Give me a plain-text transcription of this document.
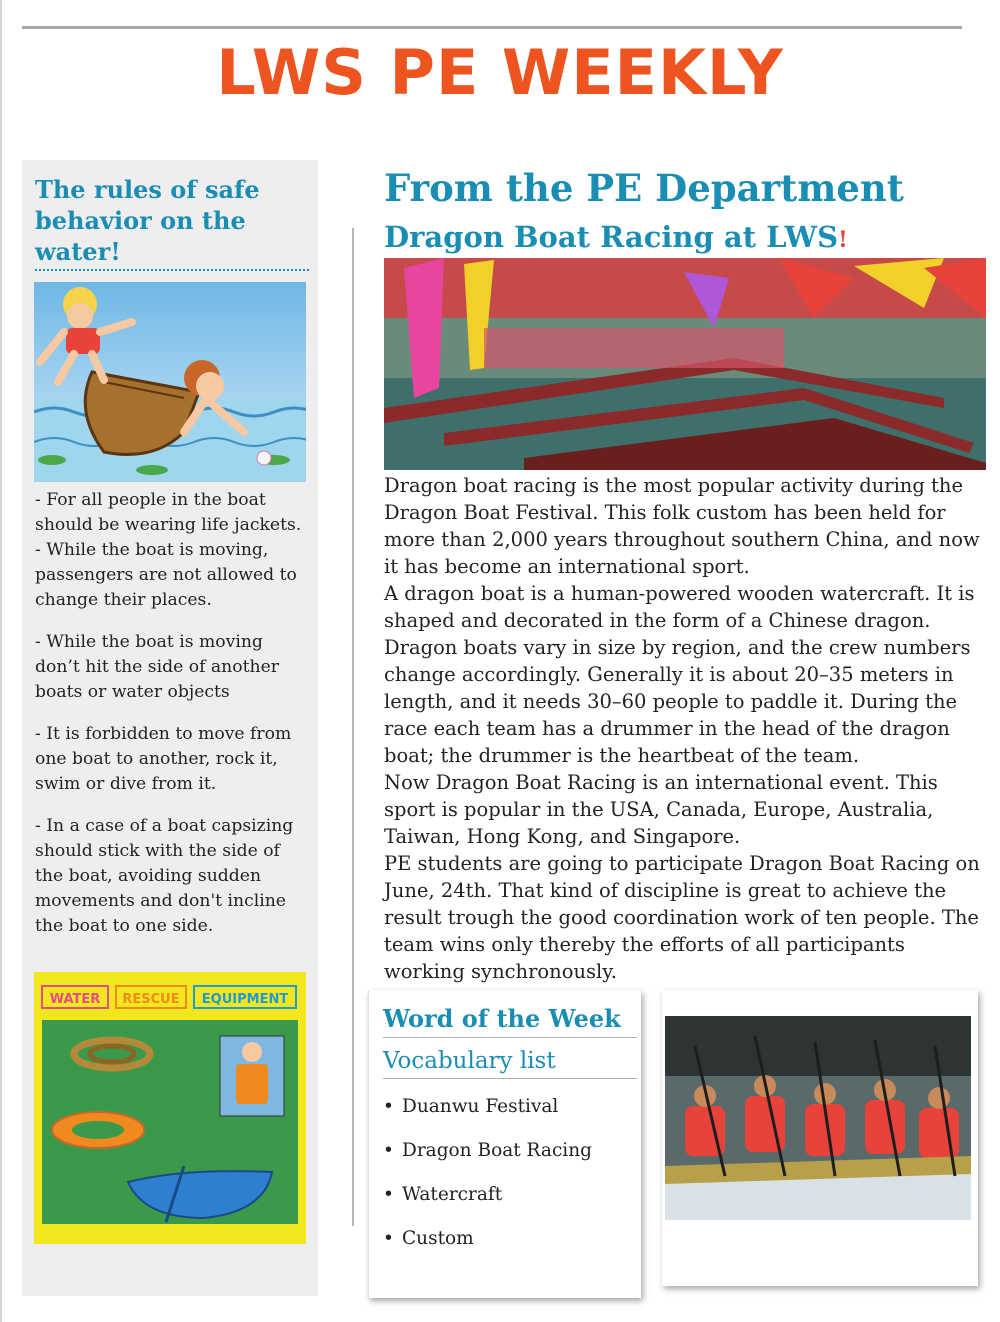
LWS PE WEEKLY
The rules of safe behavior on the water!

- For all people in the boat should be wearing life jackets.

- While the boat is moving, passengers are not allowed to change their places.

- While the boat is moving don’t hit the side of another boats or water objects

- It is forbidden to move from one boat to another, rock it, swim or dive from it.

- In a case of a boat capsizing should stick with the side of the boat, avoiding sudden movements and don't incline the boat to one side.

WATER RESCUE EQUIPMENT
From the PE Department
Dragon Boat Racing at LWS!

Dragon boat racing is the most popular activity during the Dragon Boat Festival. This folk custom has been held for more than 2,000 years throughout southern China, and now it has become an international sport.

A dragon boat is a human-powered wooden watercraft. It is shaped and decorated in the form of a Chinese dragon. Dragon boats vary in size by region, and the crew numbers change accordingly. Generally it is about 20–35 meters in length, and it needs 30–60 people to paddle it. During the race each team has a drummer in the head of the dragon boat; the drummer is the heartbeat of the team.

Now Dragon Boat Racing is an international event. This sport is popular in the USA, Canada, Europe, Australia, Taiwan, Hong Kong, and Singapore.

PE students are going to participate Dragon Boat Racing on June, 24th. That kind of discipline is great to achieve the result trough the good coordination work of ten people. The team wins only thereby the efforts of all participants working synchronously.

Word of the Week
Vocabulary list
• Duanwu Festival
• Dragon Boat Racing
• Watercraft
• Custom
